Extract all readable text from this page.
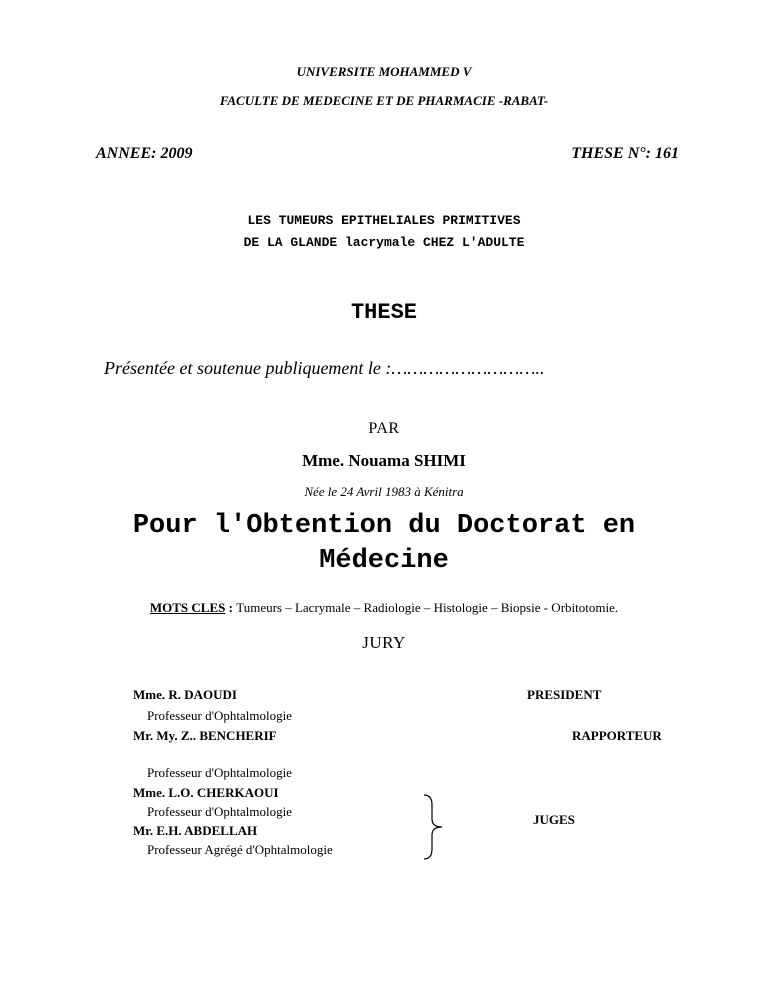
UNIVERSITE MOHAMMED V
FACULTE DE MEDECINE ET DE PHARMACIE -RABAT-
ANNEE: 2009	THESE N°: 161
LES TUMEURS EPITHELIALES PRIMITIVES
DE LA GLANDE lacrymale CHEZ L'ADULTE
THESE
Présentée et soutenue publiquement le :………………………..
PAR
Mme. Nouama SHIMI
Née le 24 Avril 1983 à Kénitra
Pour l'Obtention du Doctorat en
Médecine
MOTS CLES : Tumeurs – Lacrymale – Radiologie – Histologie – Biopsie - Orbitotomie.
JURY
Mme. R. DAOUDI
Professeur d'Ophtalmologie
Mr. My. Z.. BENCHERIF
Professeur d'Ophtalmologie
Mme. L.O. CHERKAOUI
Professeur d'Ophtalmologie
Mr. E.H. ABDELLAH
Professeur Agrégé d'Ophtalmologie
PRESIDENT
RAPPORTEUR
JUGES
